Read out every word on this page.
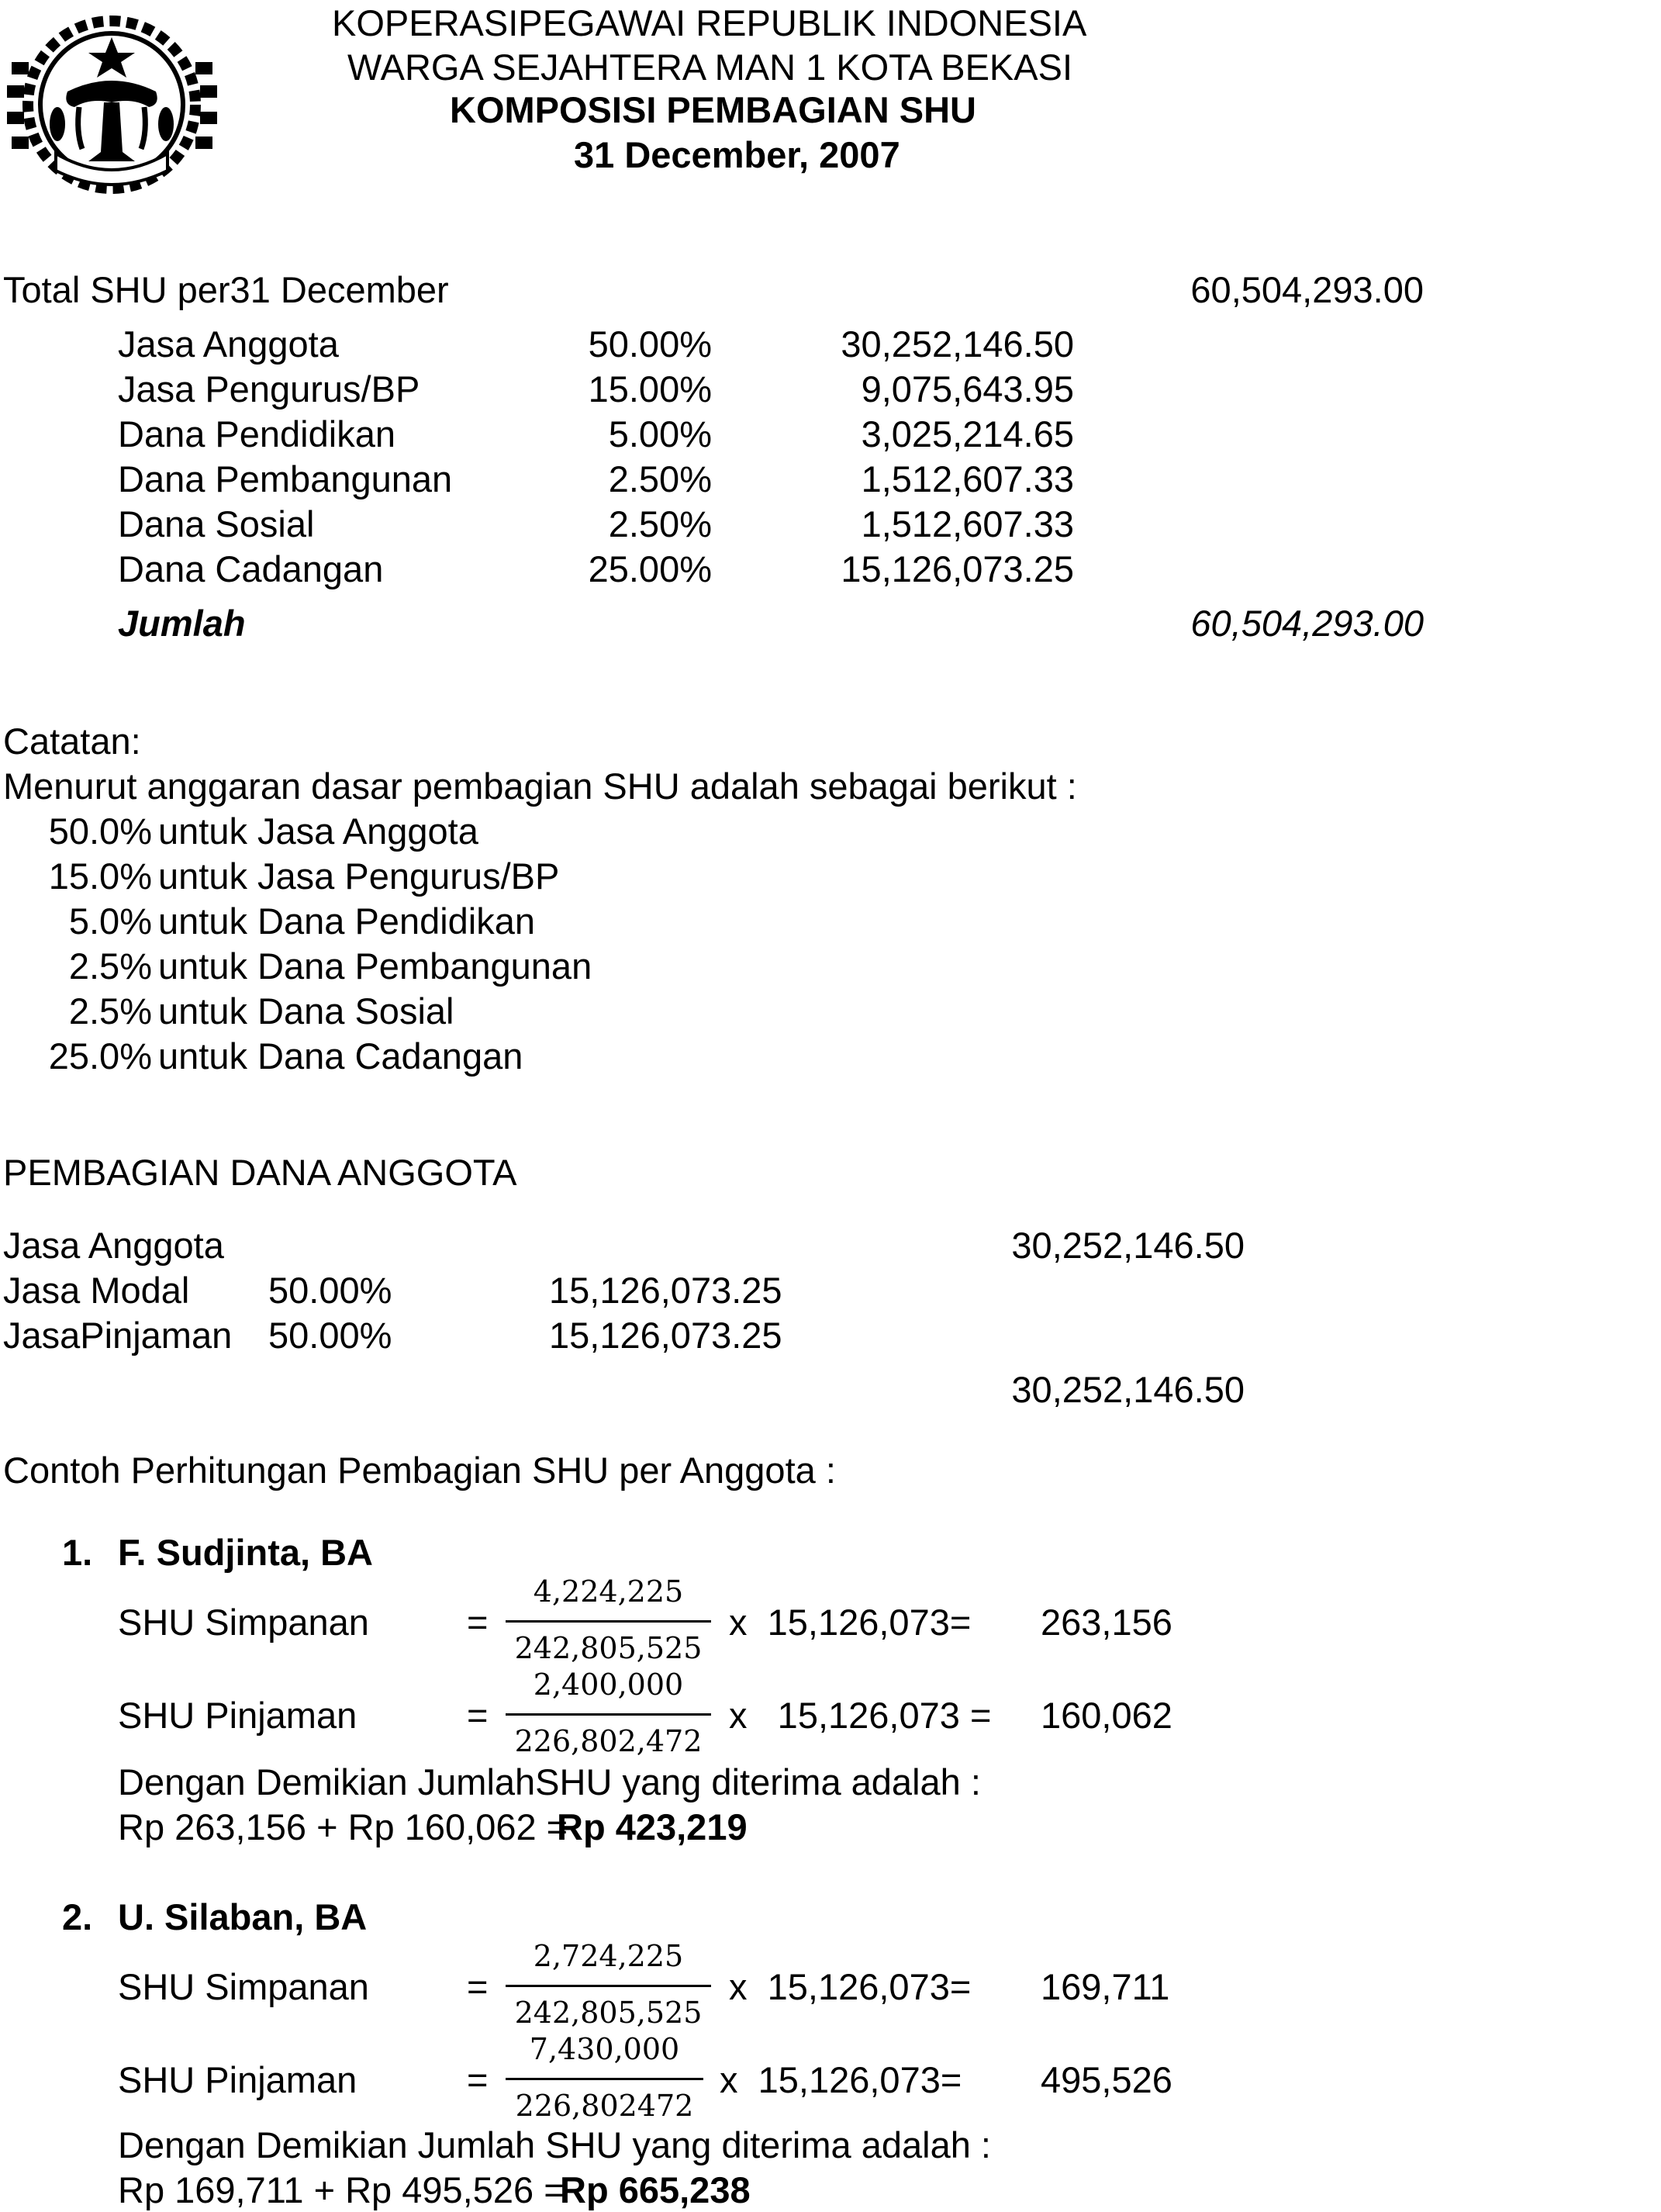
KOPERASIPEGAWAI REPUBLIK INDONESIA
WARGA SEJAHTERA MAN 1 KOTA BEKASI
KOMPOSISI PEMBAGIAN SHU
31 December, 2007
Total SHU per31 December	60,504,293.00
Jasa Anggota	50.00%	30,252,146.50
Jasa Pengurus/BP	15.00%	9,075,643.95
Dana Pendidikan	5.00%	3,025,214.65
Dana Pembangunan	2.50%	1,512,607.33
Dana Sosial	2.50%	1,512,607.33
Dana Cadangan	25.00%	15,126,073.25
Jumlah	60,504,293.00
Catatan:
Menurut anggaran dasar pembagian SHU adalah sebagai berikut :
50.0% untuk Jasa Anggota
15.0% untuk Jasa Pengurus/BP
5.0% untuk Dana Pendidikan
2.5% untuk Dana Pembangunan
2.5% untuk Dana Sosial
25.0% untuk Dana Cadangan
PEMBAGIAN DANA ANGGOTA
Jasa Anggota	30,252,146.50
Jasa Modal 50.00%	15,126,073.25
JasaPinjaman 50.00%	15,126,073.25
30,252,146.50
Contoh Perhitungan Pembagian SHU per Anggota :
1. F. Sudjinta, BA
SHU Simpanan	=
4,224,225
242,805,525
x  15,126,073= 263,156
SHU Pinjaman	=
2,400,000
226,802,472
x   15,126,073 = 160,062
Dengan Demikian JumlahSHU yang diterima adalah :
Rp 263,156 + Rp 160,062 =
Rp 423,219
2. U. Silaban, BA
SHU Simpanan	=
2,724,225
242,805,525
x  15,126,073= 169,711
SHU Pinjaman	=
7,430,000
226,802472
x  15,126,073= 495,526
Dengan Demikian Jumlah SHU yang diterima adalah :
Rp 169,711 + Rp 495,526 =
Rp 665,238
